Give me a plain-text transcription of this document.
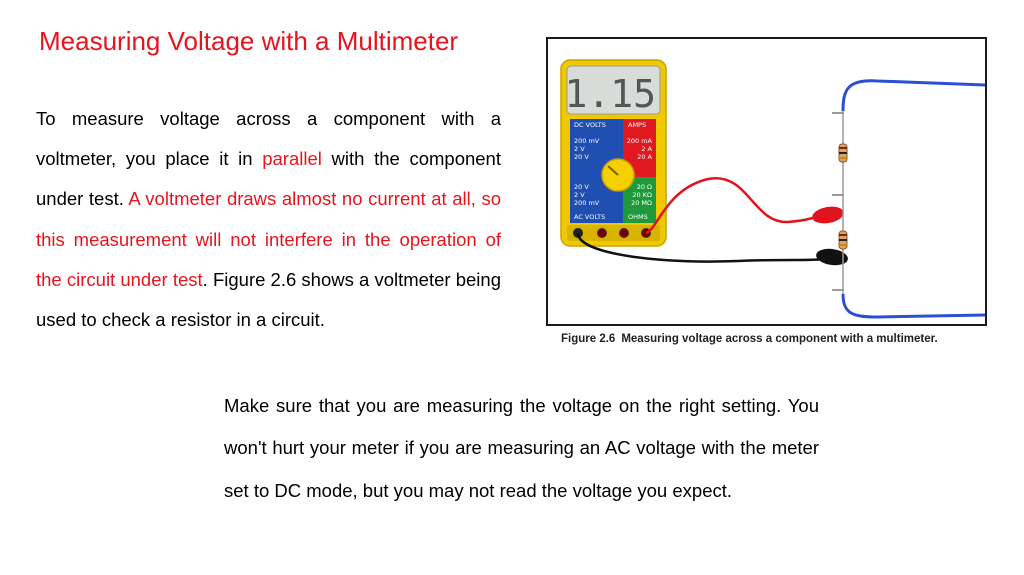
Measuring Voltage with a Multimeter
To measure voltage across a component with a voltmeter, you place it in parallel with the component under test. A voltmeter draws almost no current at all, so this measurement will not interfere in the operation of the circuit under test. Figure 2.6 shows a voltmeter being used to check a resistor in a circuit.
1.15
DC VOLTS	AMPS
200 mV
2 V
20 V
200 mA
2 A
20 A
20 V
2 V
200 mV
20 Ω
20 KΩ
20 MΩ
AC VOLTS	OHMS
Figure 2.6 Measuring voltage across a component with a multimeter.
Make sure that you are measuring the voltage on the right setting. You won't hurt your meter if you are measuring an AC voltage with the meter set to DC mode, but you may not read the voltage you expect.
